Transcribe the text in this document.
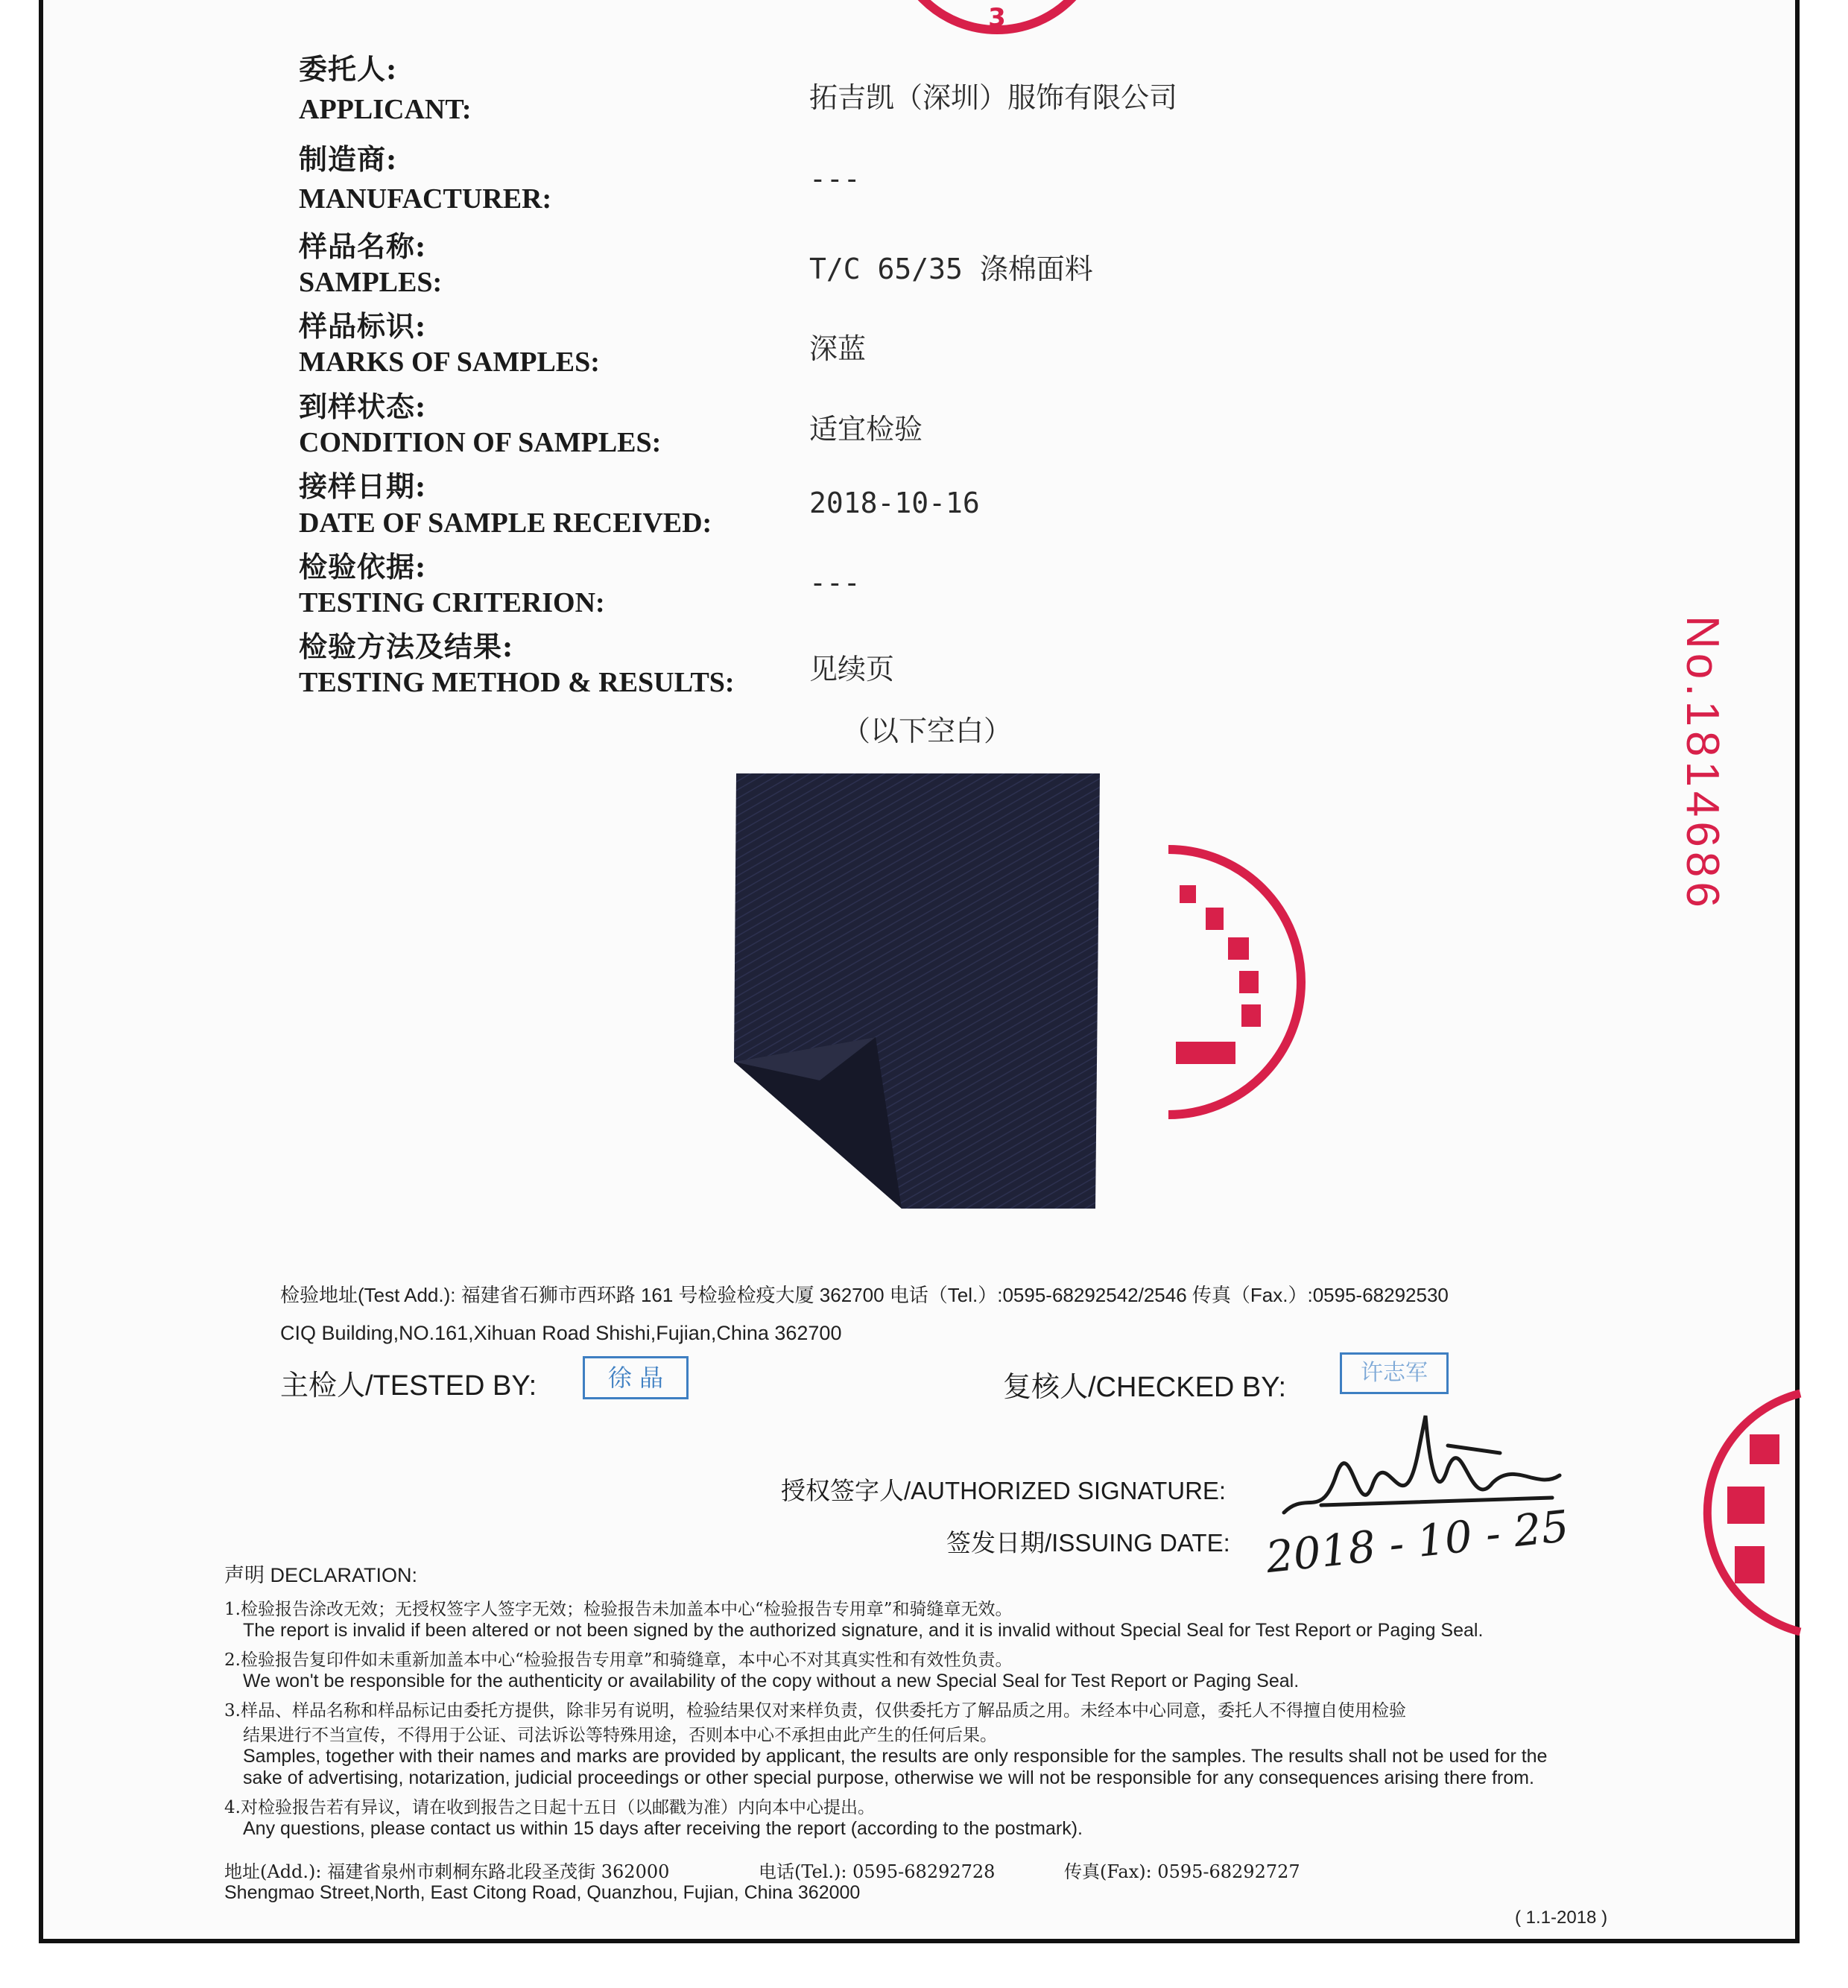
3
委托人:
APPLICANT:	拓吉凯（深圳）服饰有限公司
制造商:
MANUFACTURER:
---
样品名称:
SAMPLES:	T/C 65/35 涤棉面料
样品标识:
MARKS OF SAMPLES:	深蓝
到样状态:
CONDITION OF SAMPLES:	适宜检验
接样日期:
DATE OF SAMPLE RECEIVED:
2018-10-16
检验依据:
TESTING CRITERION:
---
检验方法及结果:
TESTING METHOD & RESULTS:	见续页
（以下空白）	No.1814686
检验地址(Test Add.): 福建省石狮市西环路 161 号检验检疫大厦 362700 电话（Tel.）:0595-68292542/2546 传真（Fax.）:0595-68292530
CIQ Building,NO.161,Xihuan Road Shishi,Fujian,China 362700
主检人/TESTED BY:	徐 晶	复核人/CHECKED BY:	许志军
授权签字人/AUTHORIZED SIGNATURE:
签发日期/ISSUING DATE: 2018 - 10 - 25
声明 DECLARATION:
1.检验报告涂改无效；无授权签字人签字无效；检验报告未加盖本中心“检验报告专用章”和骑缝章无效。
The report is invalid if been altered or not been signed by the authorized signature, and it is invalid without Special Seal for Test Report or Paging Seal.
2.检验报告复印件如未重新加盖本中心“检验报告专用章”和骑缝章，本中心不对其真实性和有效性负责。
We won't be responsible for the authenticity or availability of the copy without a new Special Seal for Test Report or Paging Seal.
3.样品、样品名称和样品标记由委托方提供，除非另有说明，检验结果仅对来样负责，仅供委托方了解品质之用。未经本中心同意，委托人不得擅自使用检验
结果进行不当宣传，不得用于公证、司法诉讼等特殊用途，否则本中心不承担由此产生的任何后果。
Samples, together with their names and marks are provided by applicant, the results are only responsible for the samples. The results shall not be used for the
sake of advertising, notarization, judicial proceedings or other special purpose, otherwise we will not be responsible for any consequences arising there from.
4.对检验报告若有异议，请在收到报告之日起十五日（以邮戳为准）内向本中心提出。
Any questions, please contact us within 15 days after receiving the report (according to the postmark).
地址(Add.): 福建省泉州市刺桐东路北段圣茂街 362000	电话(Tel.): 0595-68292728	传真(Fax): 0595-68292727
Shengmao Street,North, East Citong Road, Quanzhou, Fujian, China 362000
( 1.1-2018 )
